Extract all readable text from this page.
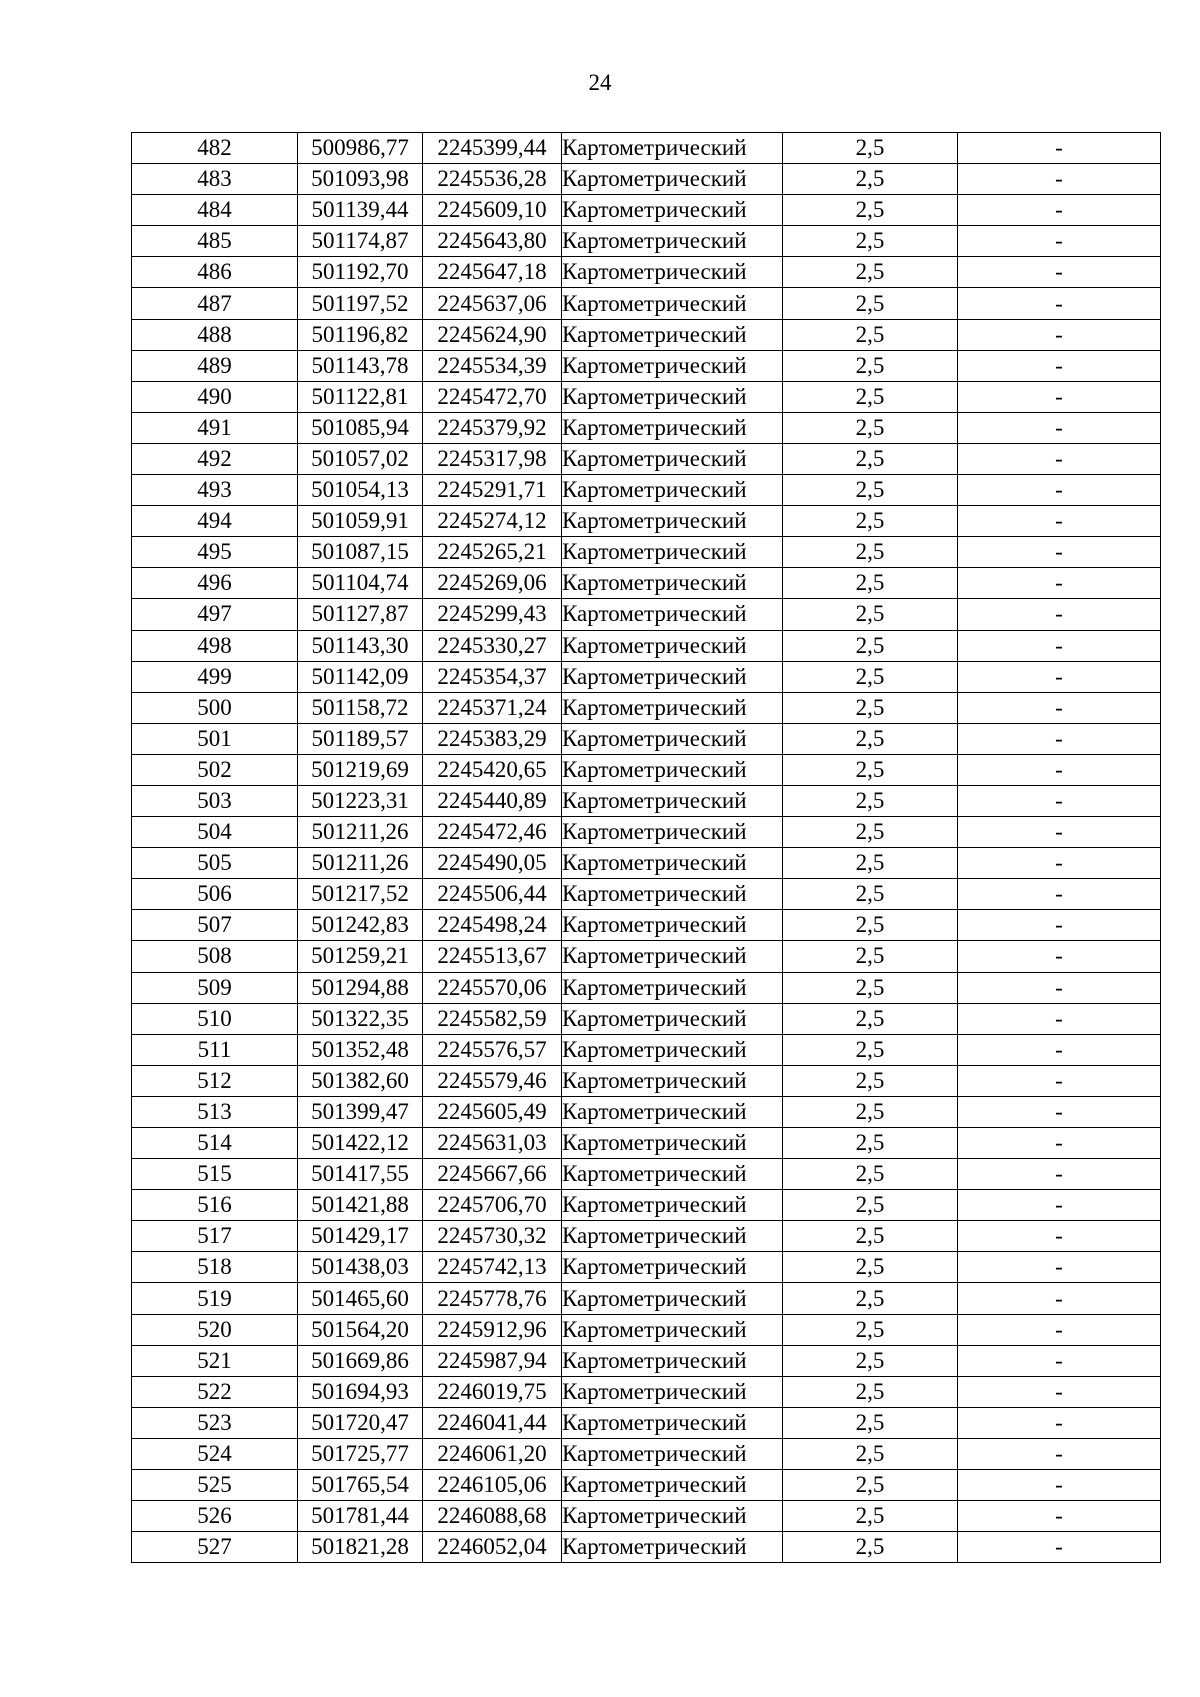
24
482	500986,77	2245399,44	Картометрический	2,5	-
483	501093,98	2245536,28	Картометрический	2,5	-
484	501139,44	2245609,10	Картометрический	2,5	-
485	501174,87	2245643,80	Картометрический	2,5	-
486	501192,70	2245647,18	Картометрический	2,5	-
487	501197,52	2245637,06	Картометрический	2,5	-
488	501196,82	2245624,90	Картометрический	2,5	-
489	501143,78	2245534,39	Картометрический	2,5	-
490	501122,81	2245472,70	Картометрический	2,5	-
491	501085,94	2245379,92	Картометрический	2,5	-
492	501057,02	2245317,98	Картометрический	2,5	-
493	501054,13	2245291,71	Картометрический	2,5	-
494	501059,91	2245274,12	Картометрический	2,5	-
495	501087,15	2245265,21	Картометрический	2,5	-
496	501104,74	2245269,06	Картометрический	2,5	-
497	501127,87	2245299,43	Картометрический	2,5	-
498	501143,30	2245330,27	Картометрический	2,5	-
499	501142,09	2245354,37	Картометрический	2,5	-
500	501158,72	2245371,24	Картометрический	2,5	-
501	501189,57	2245383,29	Картометрический	2,5	-
502	501219,69	2245420,65	Картометрический	2,5	-
503	501223,31	2245440,89	Картометрический	2,5	-
504	501211,26	2245472,46	Картометрический	2,5	-
505	501211,26	2245490,05	Картометрический	2,5	-
506	501217,52	2245506,44	Картометрический	2,5	-
507	501242,83	2245498,24	Картометрический	2,5	-
508	501259,21	2245513,67	Картометрический	2,5	-
509	501294,88	2245570,06	Картометрический	2,5	-
510	501322,35	2245582,59	Картометрический	2,5	-
511	501352,48	2245576,57	Картометрический	2,5	-
512	501382,60	2245579,46	Картометрический	2,5	-
513	501399,47	2245605,49	Картометрический	2,5	-
514	501422,12	2245631,03	Картометрический	2,5	-
515	501417,55	2245667,66	Картометрический	2,5	-
516	501421,88	2245706,70	Картометрический	2,5	-
517	501429,17	2245730,32	Картометрический	2,5	-
518	501438,03	2245742,13	Картометрический	2,5	-
519	501465,60	2245778,76	Картометрический	2,5	-
520	501564,20	2245912,96	Картометрический	2,5	-
521	501669,86	2245987,94	Картометрический	2,5	-
522	501694,93	2246019,75	Картометрический	2,5	-
523	501720,47	2246041,44	Картометрический	2,5	-
524	501725,77	2246061,20	Картометрический	2,5	-
525	501765,54	2246105,06	Картометрический	2,5	-
526	501781,44	2246088,68	Картометрический	2,5	-
527	501821,28	2246052,04	Картометрический	2,5	-
